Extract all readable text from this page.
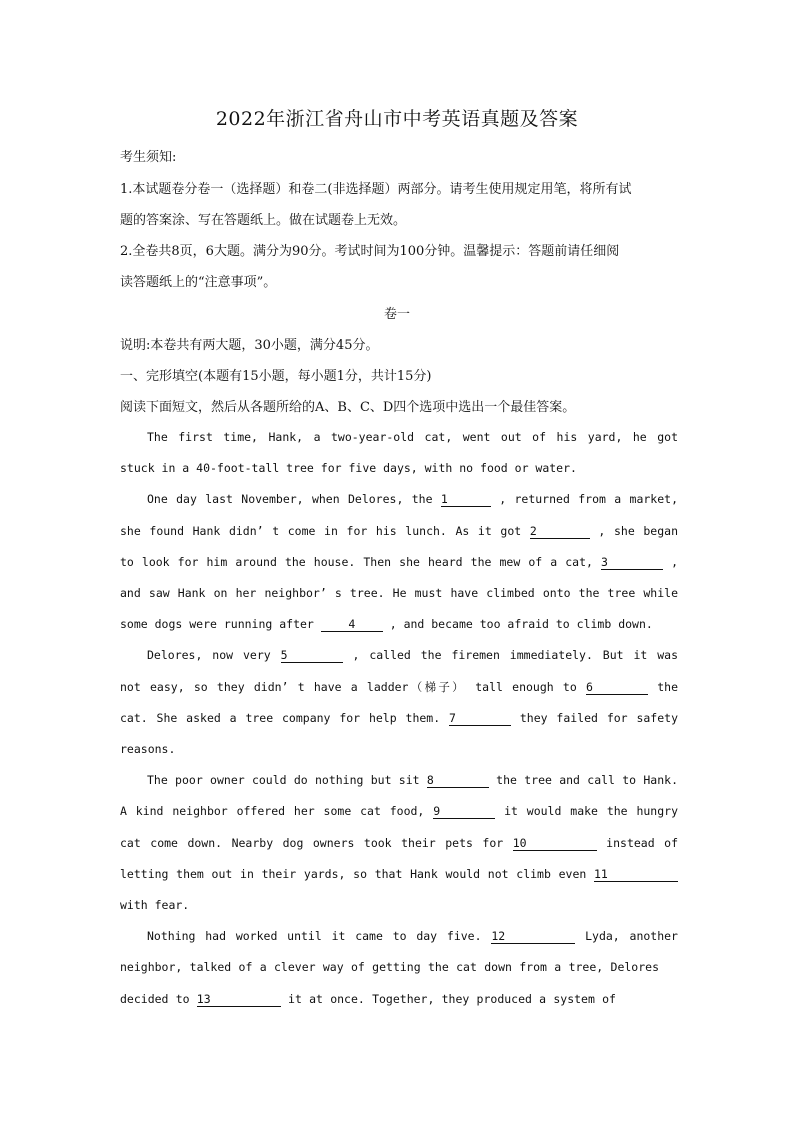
2022年浙江省舟山市中考英语真题及答案
考生须知:
1.本试题卷分卷一（选择题）和卷二(非选择题）两部分。请考生使用规定用笔，将所有试
题的答案涂、写在答题纸上。做在试题卷上无效。
2.全卷共8页，6大题。满分为90分。考试时间为100分钟。温馨提示：答题前请任细阅
读答题纸上的“注意事项”。
卷一
说明:本卷共有两大题，30小题，满分45分。
一、完形填空(本题有15小题，每小题1分，共计15分)
阅读下面短文，然后从各题所给的A、B、C、D四个选项中选出一个最佳答案。
The first time, Hank, a two-year-old cat, went out of his yard, he got
stuck in a 40-foot-tall tree for five days, with no food or water.
One day last November, when Delores, the 1	, returned from a market,
she found Hank didn’ t come in for his lunch. As it got 2	, she began
to look for him around the house. Then she heard the mew of a cat, 3	,
and saw Hank on her neighbor’ s tree. He must have climbed onto the tree while
some dogs were running after 4 , and became too afraid to climb down.
Delores, now very 5	, called the firemen immediately. But it was
not easy, so they didn’ t have a ladder（梯子） tall enough to 6	the
cat. She asked a tree company for help them. 7	they failed for safety
reasons.
The poor owner could do nothing but sit 8	the tree and call to Hank.
A kind neighbor offered her some cat food, 9	it would make the hungry
cat come down. Nearby dog owners took their pets for 10	instead of
letting them out in their yards, so that Hank would not climb even 11
with fear.
Nothing had worked until it came to day five. 12	Lyda, another
neighbor, talked of a clever way of getting the cat down from a tree, Delores
decided to 13	it at once. Together, they produced a system of
